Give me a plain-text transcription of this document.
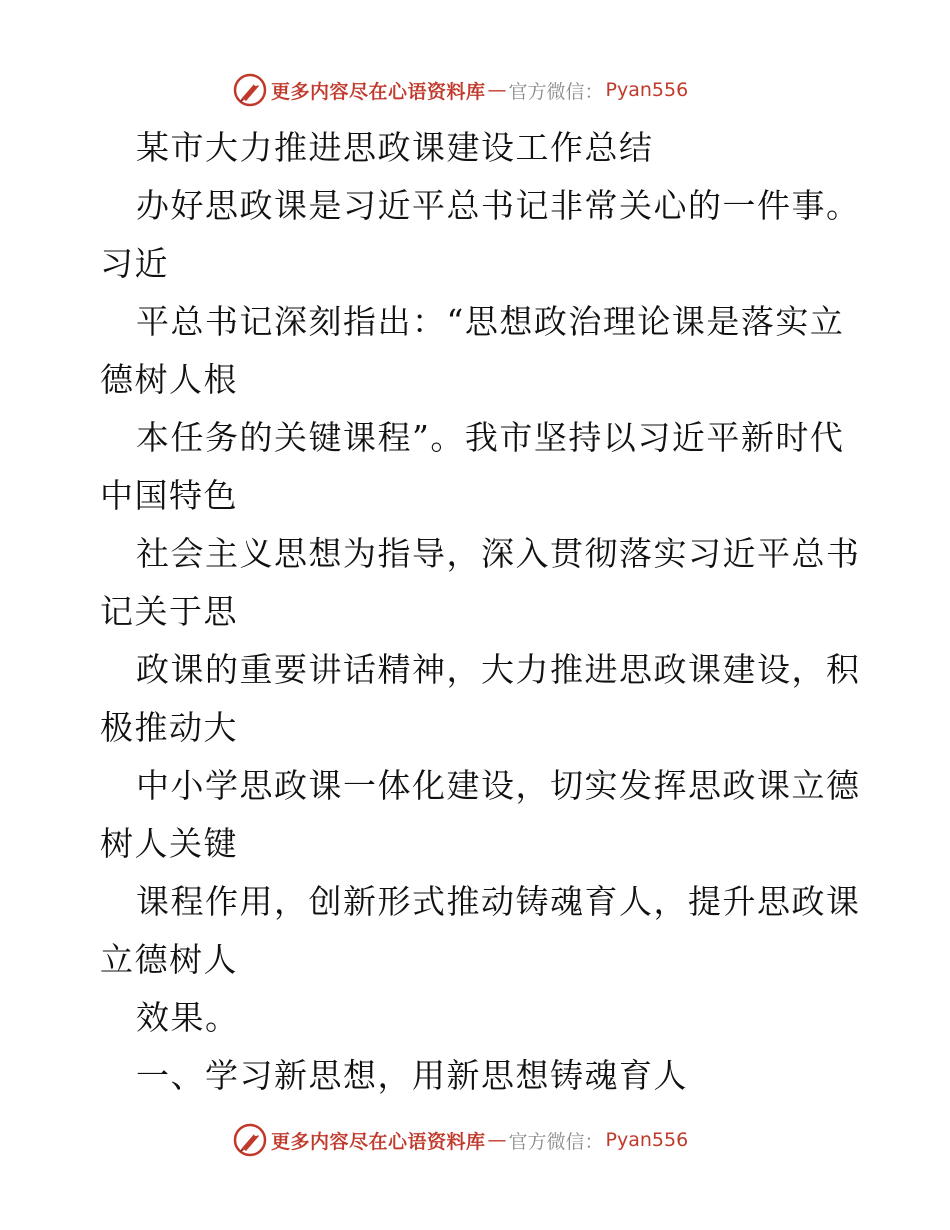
更多内容尽在心语资料库 — 官方微信： Pyan556
某市大力推进思政课建设工作总结
办好思政课是习近平总书记非常关心的一件事。
习近
平总书记深刻指出：“思想政治理论课是落实立
德树人根
本任务的关键课程”。我市坚持以习近平新时代
中国特色
社会主义思想为指导，深入贯彻落实习近平总书
记关于思
政课的重要讲话精神，大力推进思政课建设，积
极推动大
中小学思政课一体化建设，切实发挥思政课立德
树人关键
课程作用，创新形式推动铸魂育人，提升思政课
立德树人
效果。
一、学习新思想，用新思想铸魂育人
更多内容尽在心语资料库 — 官方微信： Pyan556
